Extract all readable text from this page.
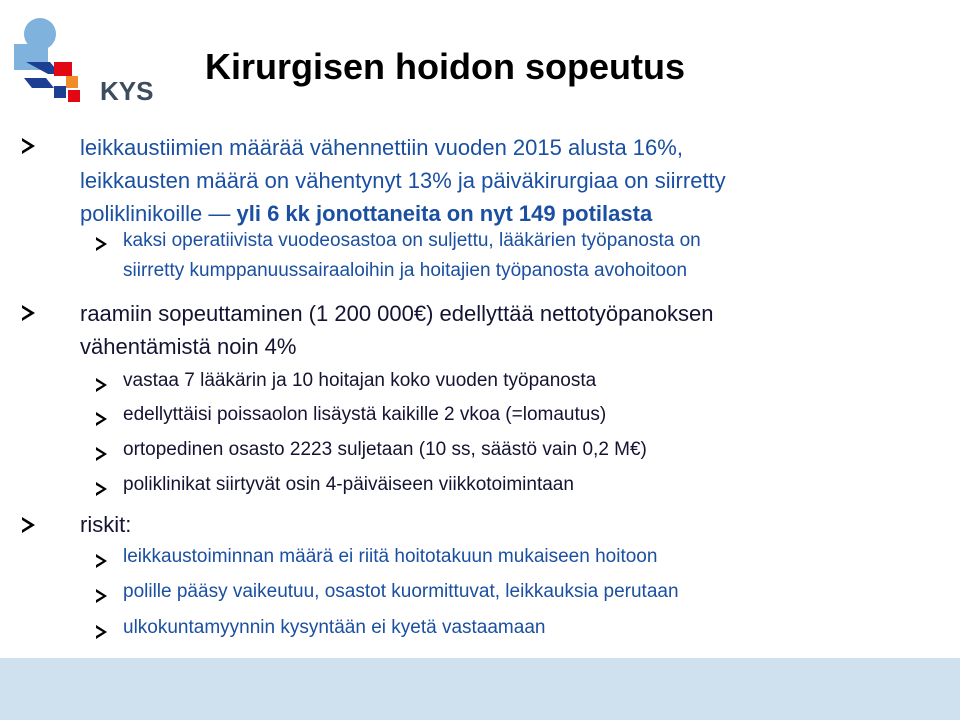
KYS
Kirurgisen hoidon sopeutus
leikkaustiimien määrää vähennettiin vuoden 2015 alusta 16%,
leikkausten määrä on vähentynyt 13% ja päiväkirurgiaa on siirretty
poliklinikoille — yli 6 kk jonottaneita on nyt 149 potilasta
kaksi operatiivista vuodeosastoa on suljettu, lääkärien työpanosta on
siirretty kumppanuussairaaloihin ja hoitajien työpanosta avohoitoon
raamiin sopeuttaminen (1 200 000€) edellyttää nettotyöpanoksen
vähentämistä noin 4%
vastaa 7 lääkärin ja 10 hoitajan koko vuoden työpanosta
edellyttäisi poissaolon lisäystä kaikille 2 vkoa (=lomautus)
ortopedinen osasto 2223 suljetaan (10 ss, säästö vain 0,2 M€)
poliklinikat siirtyvät osin 4-päiväiseen viikkotoimintaan
riskit:
leikkaustoiminnan määrä ei riitä hoitotakuun mukaiseen hoitoon
polille pääsy vaikeutuu, osastot kuormittuvat, leikkauksia perutaan
ulkokuntamyynnin kysyntään ei kyetä vastaamaan
